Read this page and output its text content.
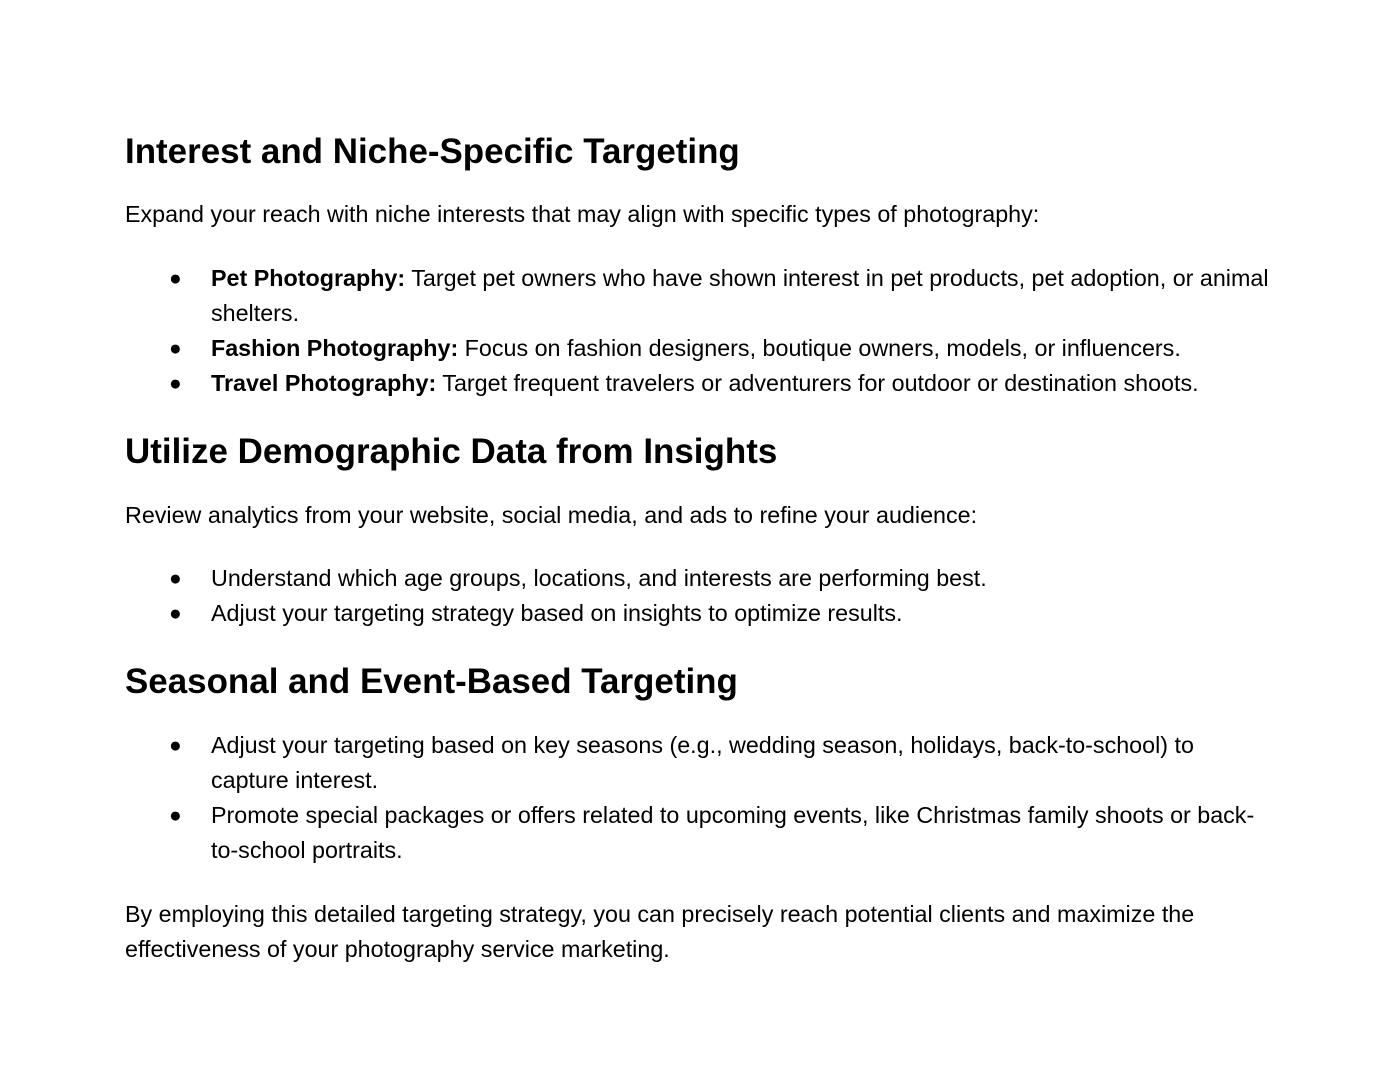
Interest and Niche-Specific Targeting

Expand your reach with niche interests that may align with specific types of photography:

● Pet Photography: Target pet owners who have shown interest in pet products, pet adoption, or animal shelters.
● Fashion Photography: Focus on fashion designers, boutique owners, models, or influencers.
● Travel Photography: Target frequent travelers or adventurers for outdoor or destination shoots.
Utilize Demographic Data from Insights

Review analytics from your website, social media, and ads to refine your audience:

● Understand which age groups, locations, and interests are performing best.
● Adjust your targeting strategy based on insights to optimize results.
Seasonal and Event-Based Targeting
● Adjust your targeting based on key seasons (e.g., wedding season, holidays, back-to-school) to capture interest.
● Promote special packages or offers related to upcoming events, like Christmas family shoots or back-to-school portraits.

By employing this detailed targeting strategy, you can precisely reach potential clients and maximize the effectiveness of your photography service marketing.
